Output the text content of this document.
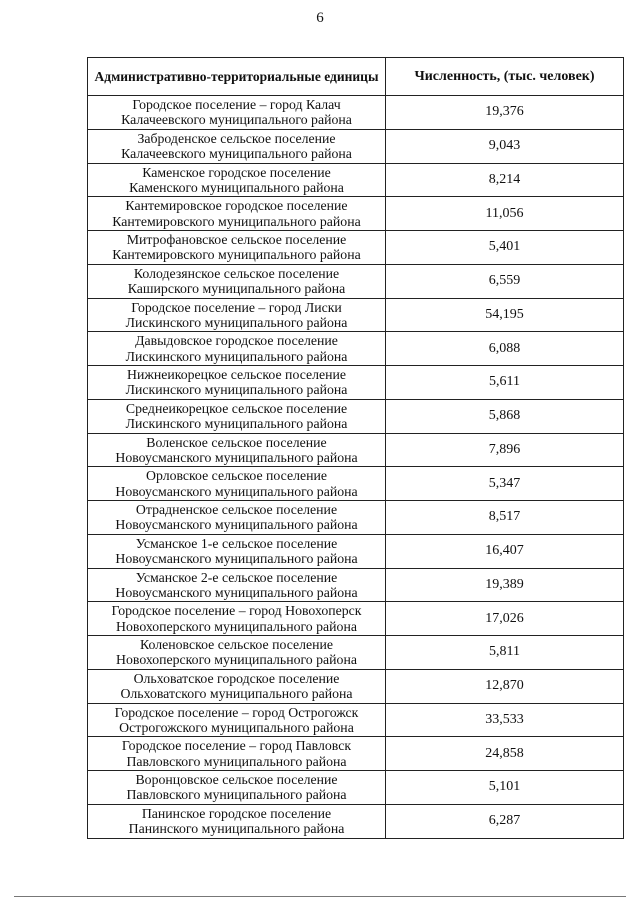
6
Административно-территориальные единицы	Численность, (тыс. человек)

Городское поселение – город Калач
Калачеевского муниципального района	19,376

Заброденское сельское поселение
Калачеевского муниципального района	9,043

Каменское городское поселение
Каменского муниципального района	8,214

Кантемировское городское поселение
Кантемировского муниципального района	11,056

Митрофановское сельское поселение
Кантемировского муниципального района	5,401

Колодезянское сельское поселение
Каширского муниципального района	6,559

Городское поселение – город Лиски
Лискинского муниципального района	54,195

Давыдовское городское поселение
Лискинского муниципального района	6,088

Нижнеикорецкое сельское поселение
Лискинского муниципального района	5,611

Среднеикорецкое сельское поселение
Лискинского муниципального района	5,868

Воленское сельское поселение
Новоусманского муниципального района	7,896

Орловское сельское поселение
Новоусманского муниципального района	5,347

Отрадненское сельское поселение
Новоусманского муниципального района	8,517

Усманское 1-е сельское поселение
Новоусманского муниципального района	16,407

Усманское 2-е сельское поселение
Новоусманского муниципального района	19,389

Городское поселение – город Новохоперск
Новохоперского муниципального района	17,026

Коленовское сельское поселение
Новохоперского муниципального района	5,811

Ольховатское городское поселение
Ольховатского муниципального района	12,870

Городское поселение – город Острогожск
Острогожского муниципального района	33,533

Городское поселение – город Павловск
Павловского муниципального района	24,858

Воронцовское сельское поселение
Павловского муниципального района	5,101

Панинское городское поселение
Панинского муниципального района	6,287
